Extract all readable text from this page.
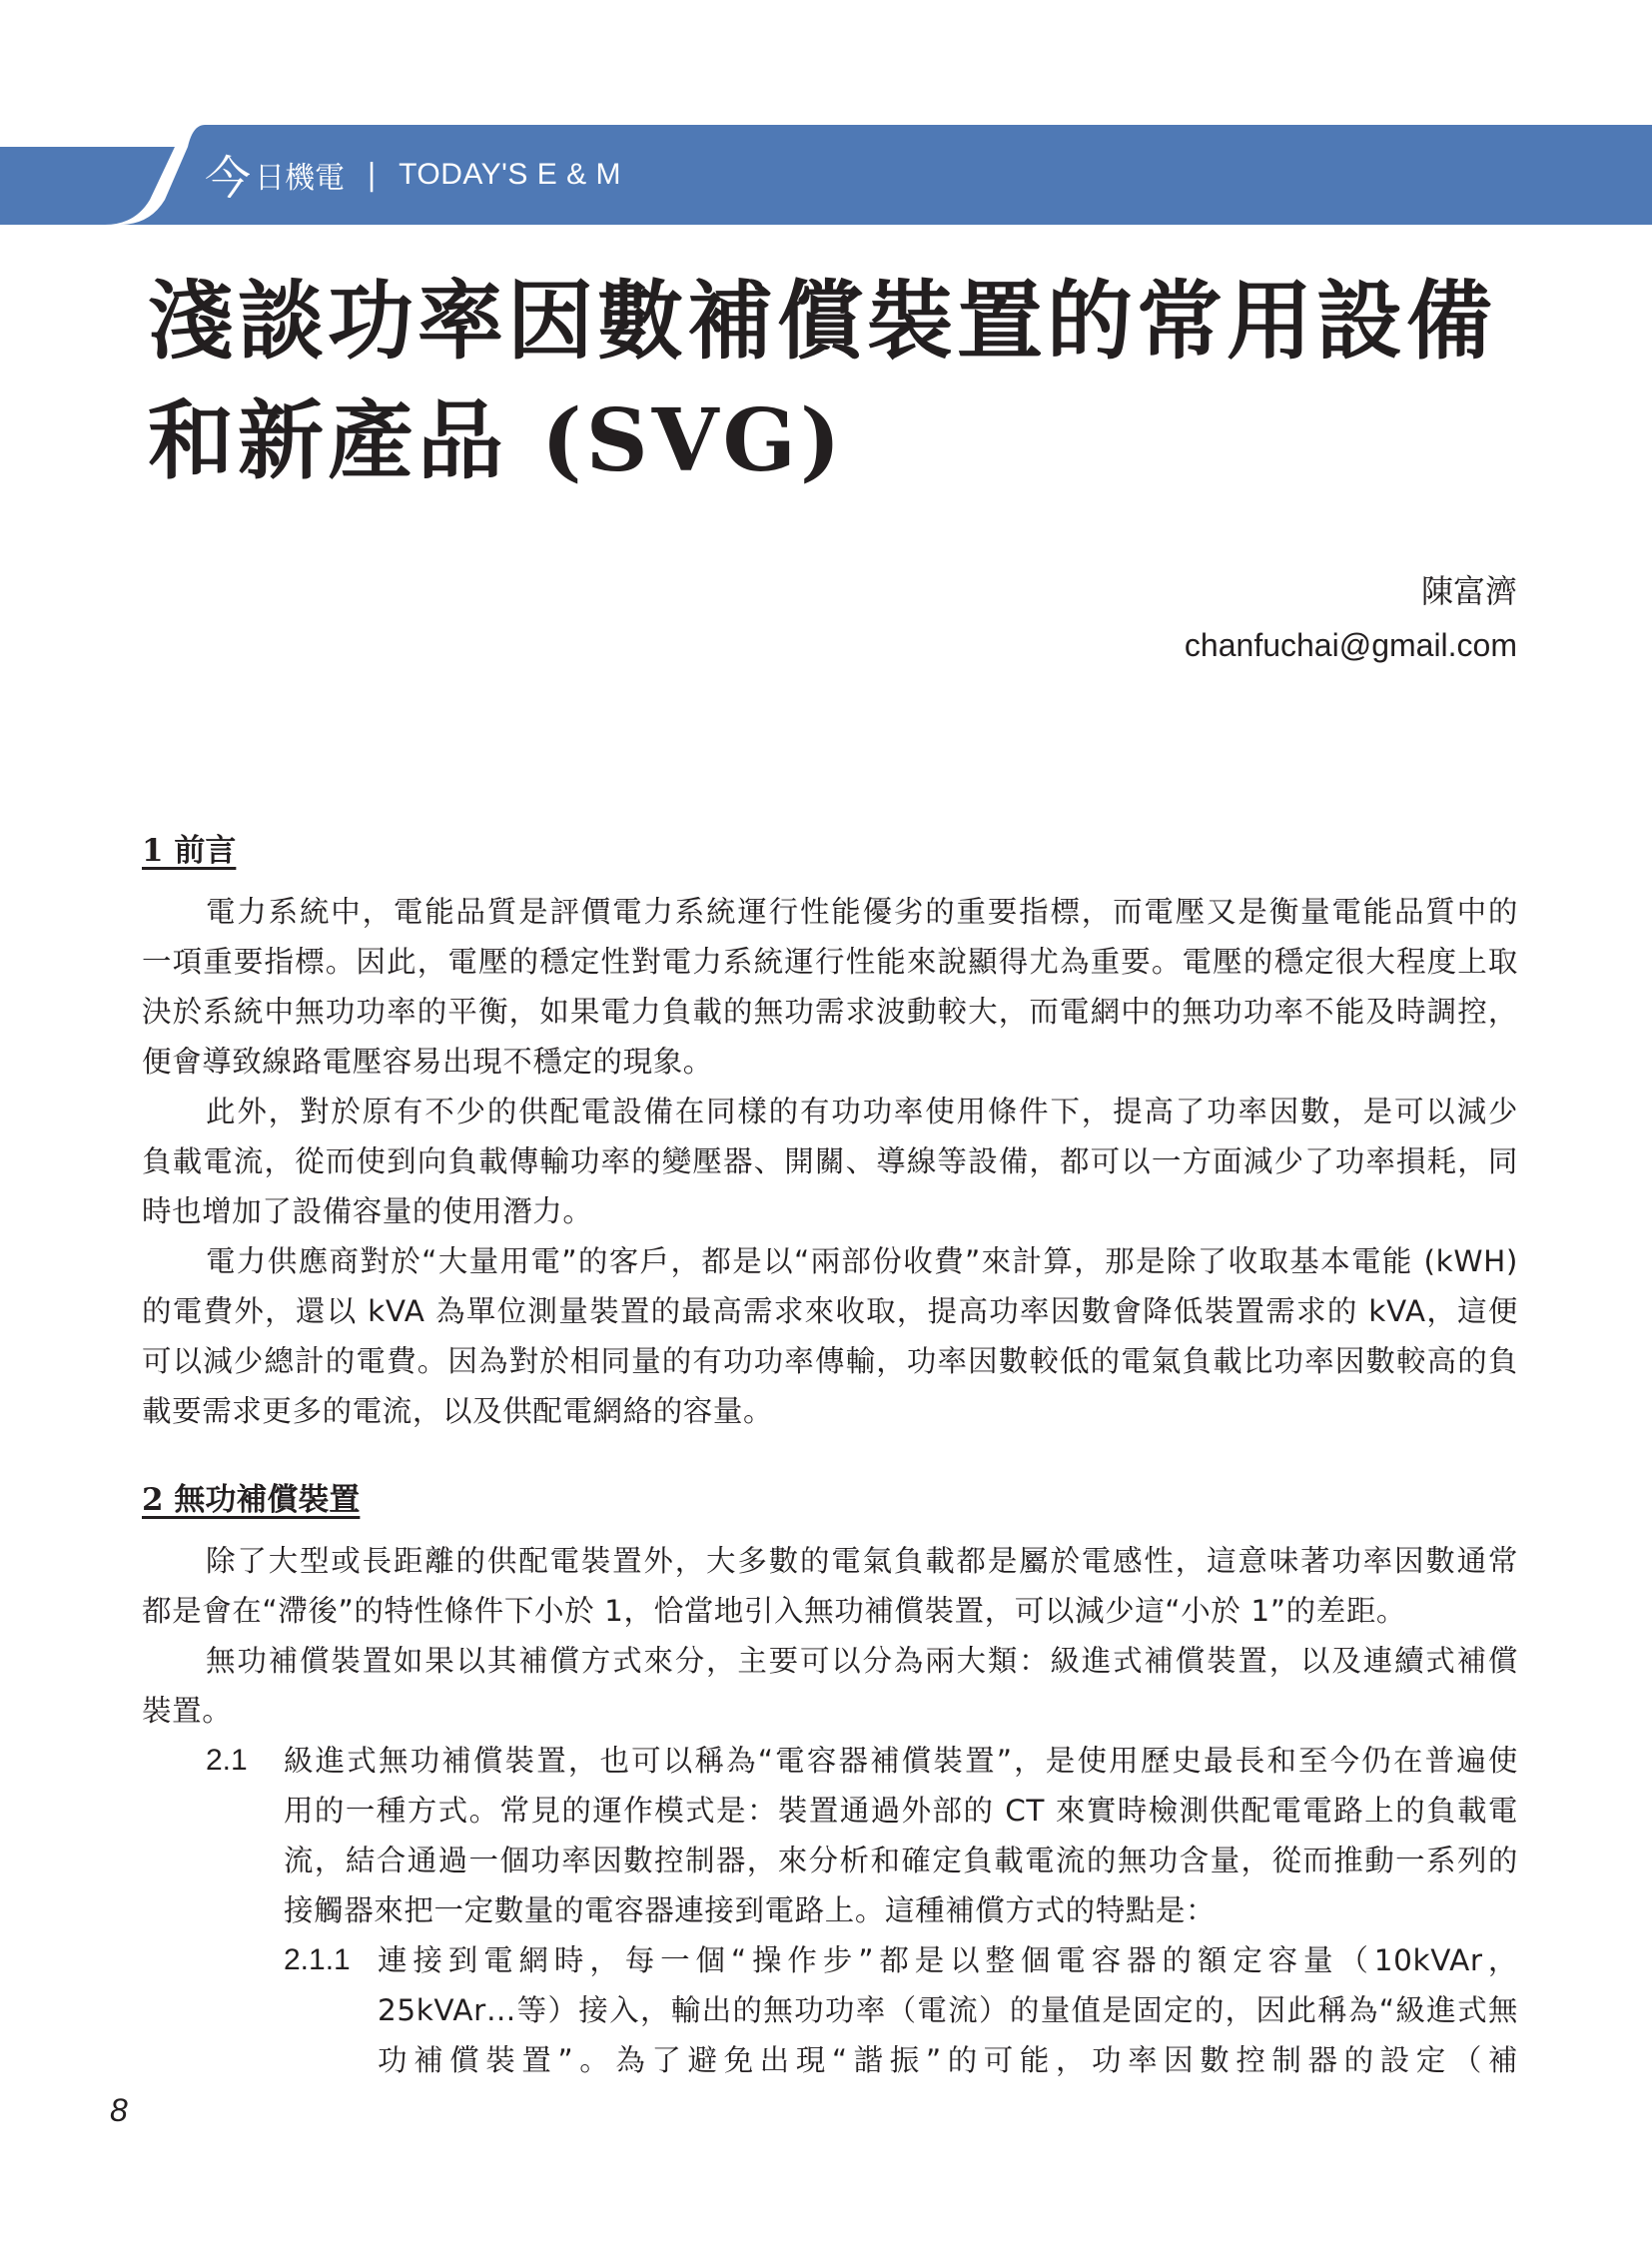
今 日機電 | TODAY'S E & M
淺談功率因數補償裝置的常用設備
和新產品 (SVG)
陳富濟
chanfuchai@gmail.com
1 前言
電力系統中，電能品質是評價電力系統運行性能優劣的重要指標，而電壓又是衡量電能品質中的
一項重要指標。因此，電壓的穩定性對電力系統運行性能來說顯得尤為重要。電壓的穩定很大程度上取
決於系統中無功功率的平衡，如果電力負載的無功需求波動較大，而電網中的無功功率不能及時調控，
便會導致線路電壓容易出現不穩定的現象。
此外，對於原有不少的供配電設備在同樣的有功功率使用條件下，提高了功率因數，是可以減少
負載電流，從而使到向負載傳輸功率的變壓器、開關、導線等設備，都可以一方面減少了功率損耗，同
時也增加了設備容量的使用潛力。
電力供應商對於“大量用電”的客戶，都是以“兩部份收費”來計算，那是除了收取基本電能 (kWH)
的電費外，還以 kVA 為單位測量裝置的最高需求來收取，提高功率因數會降低裝置需求的 kVA，這便
可以減少總計的電費。因為對於相同量的有功功率傳輸，功率因數較低的電氣負載比功率因數較高的負
載要需求更多的電流，以及供配電網絡的容量。
2 無功補償裝置
除了大型或長距離的供配電裝置外，大多數的電氣負載都是屬於電感性，這意味著功率因數通常
都是會在“滯後”的特性條件下小於 1，恰當地引入無功補償裝置，可以減少這“小於 1”的差距。
無功補償裝置如果以其補償方式來分，主要可以分為兩大類：級進式補償裝置，以及連續式補償
裝置。
2.1 級進式無功補償裝置，也可以稱為“電容器補償裝置”，是使用歷史最長和至今仍在普遍使
用的一種方式。常見的運作模式是：裝置通過外部的 CT 來實時檢測供配電電路上的負載電
流，結合通過一個功率因數控制器，來分析和確定負載電流的無功含量，從而推動一系列的
接觸器來把一定數量的電容器連接到電路上。這種補償方式的特點是：
2.1.1 連接到電網時，每一個“操作步”都是以整個電容器的額定容量（10kVAr，
25kVAr…等）接入，輸出的無功功率（電流）的量值是固定的，因此稱為“級進式無
功補償裝置”。為了避免出現“諧振”的可能，功率因數控制器的設定（補
8
